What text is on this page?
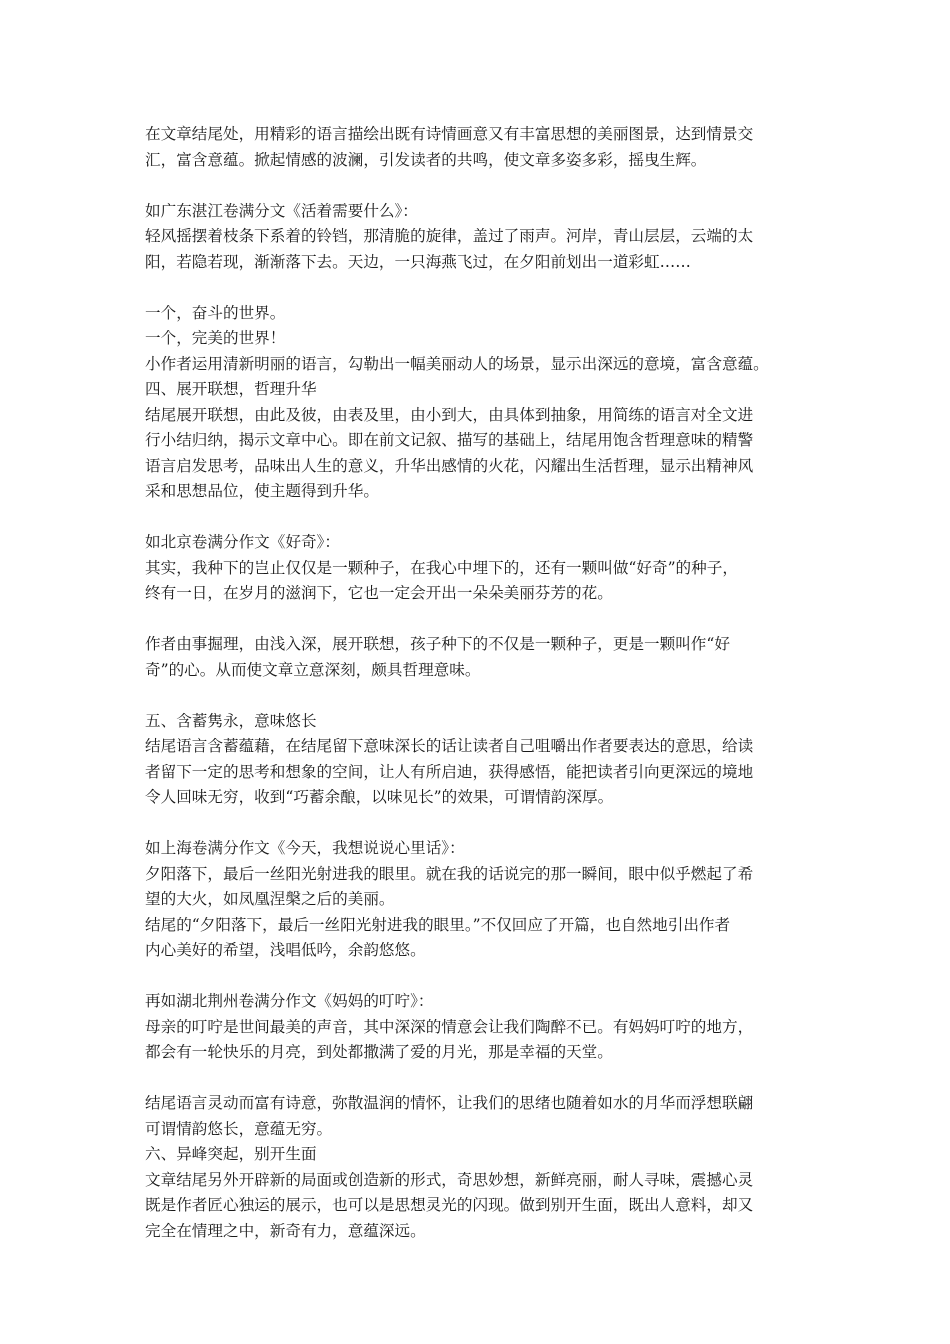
在文章结尾处，用精彩的语言描绘出既有诗情画意又有丰富思想的美丽图景，达到情景交
汇，富含意蕴。掀起情感的波澜，引发读者的共鸣，使文章多姿多彩，摇曳生辉。
如广东湛江卷满分文《活着需要什么》：
轻风摇摆着枝条下系着的铃铛，那清脆的旋律，盖过了雨声。河岸，青山层层，云端的太
阳，若隐若现，渐渐落下去。天边，一只海燕飞过，在夕阳前划出一道彩虹……
一个，奋斗的世界。
一个，完美的世界！
小作者运用清新明丽的语言，勾勒出一幅美丽动人的场景，显示出深远的意境，富含意蕴。
四、展开联想，哲理升华
结尾展开联想，由此及彼，由表及里，由小到大，由具体到抽象，用简练的语言对全文进
行小结归纳，揭示文章中心。即在前文记叙、描写的基础上，结尾用饱含哲理意味的精警
语言启发思考，品味出人生的意义，升华出感情的火花，闪耀出生活哲理，显示出精神风
采和思想品位，使主题得到升华。
如北京卷满分作文《好奇》：
其实，我种下的岂止仅仅是一颗种子，在我心中埋下的，还有一颗叫做“好奇”的种子，
终有一日，在岁月的滋润下，它也一定会开出一朵朵美丽芬芳的花。
作者由事掘理，由浅入深，展开联想，孩子种下的不仅是一颗种子，更是一颗叫作“好
奇”的心。从而使文章立意深刻，颇具哲理意味。
五、含蓄隽永，意味悠长
结尾语言含蓄蕴藉，在结尾留下意味深长的话让读者自己咀嚼出作者要表达的意思，给读
者留下一定的思考和想象的空间，让人有所启迪，获得感悟，能把读者引向更深远的境地
令人回味无穷，收到“巧蓄余酿，以味见长”的效果，可谓情韵深厚。
如上海卷满分作文《今天，我想说说心里话》：
夕阳落下，最后一丝阳光射进我的眼里。就在我的话说完的那一瞬间，眼中似乎燃起了希
望的大火，如凤凰涅槃之后的美丽。
结尾的“夕阳落下，最后一丝阳光射进我的眼里。”不仅回应了开篇，也自然地引出作者
内心美好的希望，浅唱低吟，余韵悠悠。
再如湖北荆州卷满分作文《妈妈的叮咛》：
母亲的叮咛是世间最美的声音，其中深深的情意会让我们陶醉不已。有妈妈叮咛的地方，
都会有一轮快乐的月亮，到处都撒满了爱的月光，那是幸福的天堂。
结尾语言灵动而富有诗意，弥散温润的情怀，让我们的思绪也随着如水的月华而浮想联翩
可谓情韵悠长，意蕴无穷。
六、异峰突起，别开生面
文章结尾另外开辟新的局面或创造新的形式，奇思妙想，新鲜亮丽，耐人寻味，震撼心灵
既是作者匠心独运的展示，也可以是思想灵光的闪现。做到别开生面，既出人意料，却又
完全在情理之中，新奇有力，意蕴深远。
